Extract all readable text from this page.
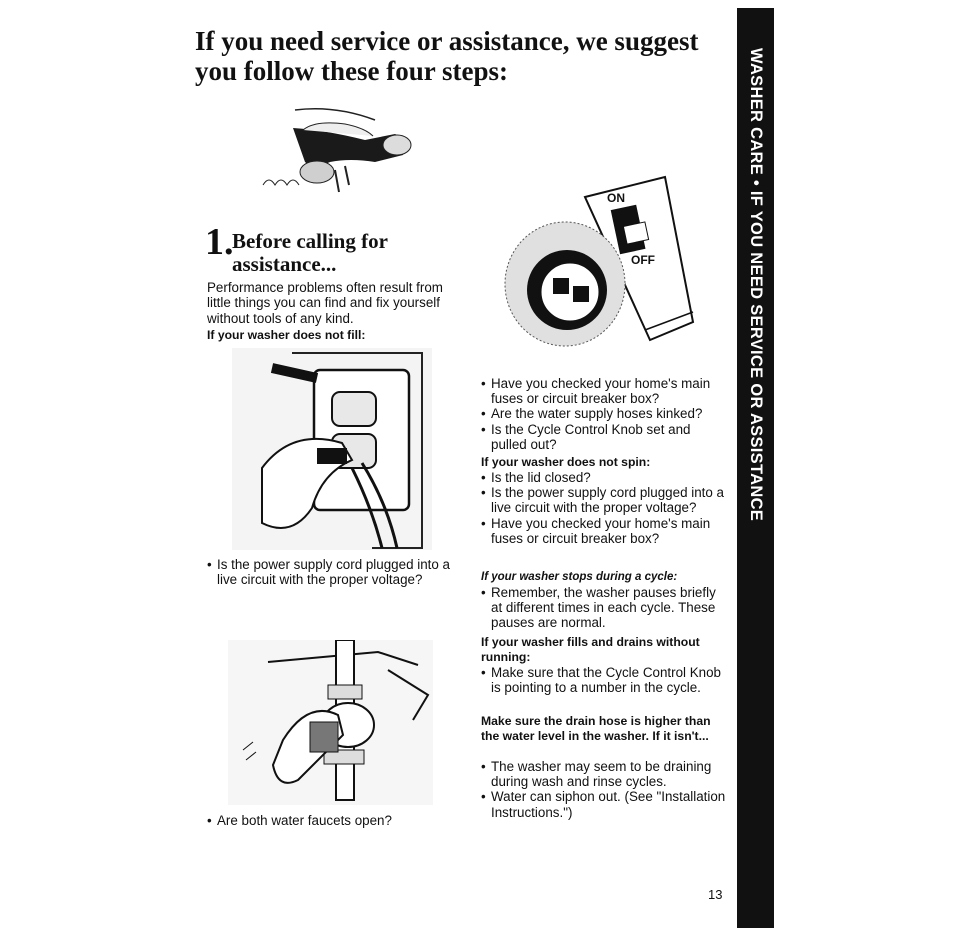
If you need service or assistance, we suggest you follow these four steps:	WASHER CARE • IF YOU NEED SERVICE OR ASSISTANCE
1.
Before calling for assistance...

Performance problems often result from little things you can find and fix yourself without tools of any kind.

If your washer does not fill:

• Is the power supply cord plugged into a live circuit with the proper voltage?
• Are both water faucets open?
ON
OFF
• Have you checked your home's main fuses or circuit breaker box?
• Are the water supply hoses kinked?
• Is the Cycle Control Knob set and pulled out?

If your washer does not spin:

• Is the lid closed?
• Is the power supply cord plugged into a live circuit with the proper voltage?
• Have you checked your home's main fuses or circuit breaker box?

If your washer stops during a cycle:

• Remember, the washer pauses briefly at different times in each cycle. These pauses are normal.

If your washer fills and drains without running:

• Make sure that the Cycle Control Knob is pointing to a number in the cycle.

Make sure the drain hose is higher than the water level in the washer. If it isn't...

• The washer may seem to be draining during wash and rinse cycles.
• Water can siphon out. (See "Installation Instructions.")
13
